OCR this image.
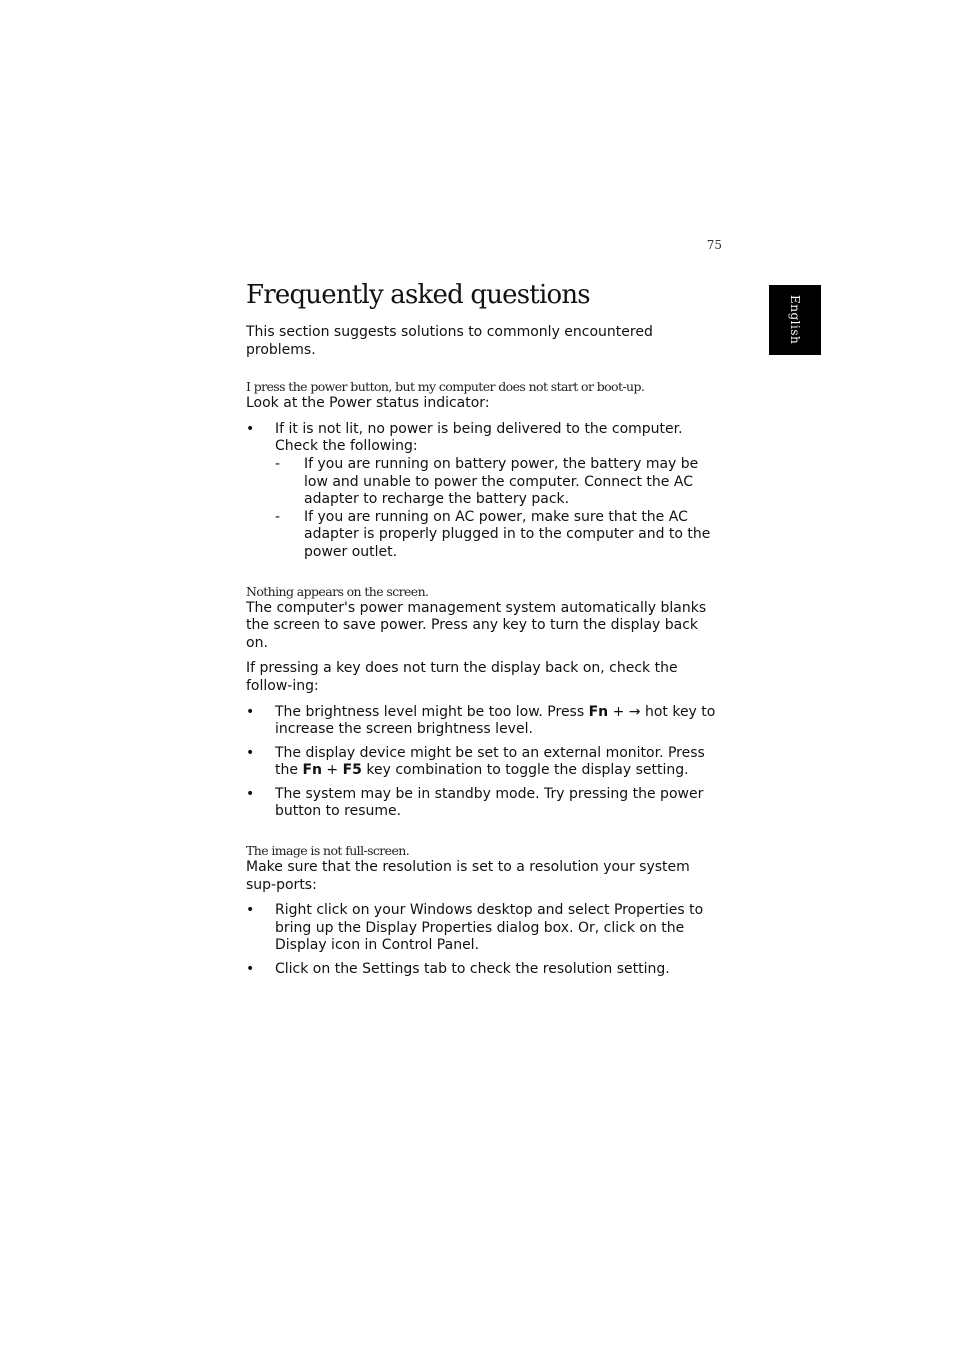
75
English
Frequently asked questions

This section suggests solutions to commonly encountered problems.

I press the power button, but my computer does not start or boot-up.

Look at the Power status indicator:

• If it is not lit, no power is being delivered to the computer. Check the following:
- If you are running on battery power, the battery may be low and unable to power the computer. Connect the AC adapter to recharge the battery pack.
- If you are running on AC power, make sure that the AC adapter is properly plugged in to the computer and to the power outlet.
Nothing appears on the screen.

The computer's power management system automatically blanks the screen to save power. Press any key to turn the display back on.

If pressing a key does not turn the display back on, check the follow-ing:

• The brightness level might be too low. Press Fn + → hot key to increase the screen brightness level.
• The display device might be set to an external monitor. Press the Fn + F5 key combination to toggle the display setting.
• The system may be in standby mode. Try pressing the power button to resume.
The image is not full-screen.

Make sure that the resolution is set to a resolution your system sup-ports:

• Right click on your Windows desktop and select Properties to bring up the Display Properties dialog box. Or, click on the Display icon in Control Panel.
• Click on the Settings tab to check the resolution setting.
